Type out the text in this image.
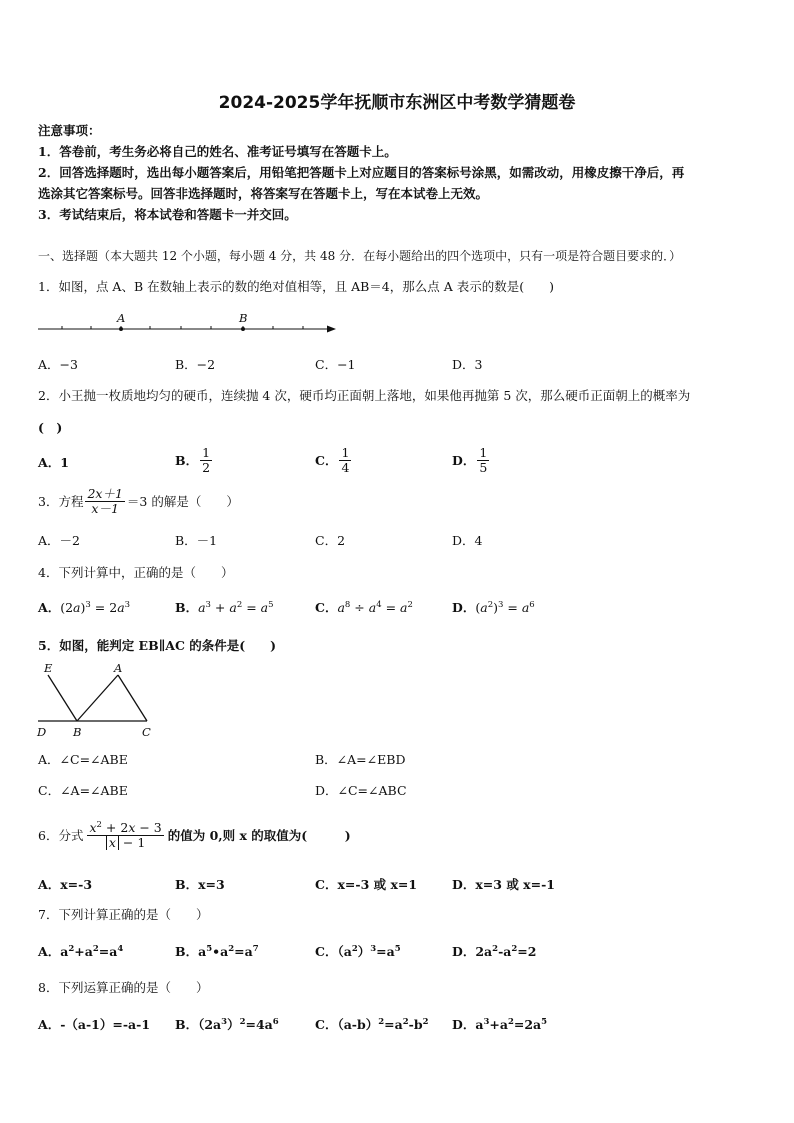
2024-2025学年抚顺市东洲区中考数学猜题卷
注意事项：
1．答卷前，考生务必将自己的姓名、准考证号填写在答题卡上。
2．回答选择题时，选出每小题答案后，用铅笔把答题卡上对应题目的答案标号涂黑，如需改动，用橡皮擦干净后，再
选涂其它答案标号。回答非选择题时，将答案写在答题卡上，写在本试卷上无效。
3．考试结束后，将本试卷和答题卡一并交回。
一、选择题（本大题共 12 个小题，每小题 4 分，共 48 分．在每小题给出的四个选项中，只有一项是符合题目要求的．）
1．如图，点 A、B 在数轴上表示的数的绝对值相等，且 AB＝4，那么点 A 表示的数是(　　)
A	B
A．−3	B．−2	C．−1	D．3
2．小王抛一枚质地均匀的硬币，连续抛 4 次，硬币均正面朝上落地，如果他再抛第 5 次，那么硬币正面朝上的概率为
(　)
A．1	B． $\frac{1}{2}$	C． $\frac{1}{4}$	D． $\frac{1}{5}$
3．方程 $\frac{2x+1}{x-1} =3$ 的解是（　　）
A．－2	B．－1	C．2	D．4
4．下列计算中，正确的是（　　）
A．$(2a)^3 = 2a^3$	B．$a^3 + a^2 = a^5$	C．$a^8 \div a^4 = a^2$	D．$(a^2)^3 = a^6$
5．如图，能判定 EB∥AC 的条件是(　　)
E	A
D B	C
A．∠C=∠ABE	B．∠A=∠EBD
C．∠A=∠ABE	D．∠C=∠ABC
6．分式 $\frac{x^2 + 2x - 3}{x - 1}$ 的值为 0,则 x 的取值为(　　　)
A．x=-3	B．x=3	C．x=-3 或 x=1	D．x=3 或 x=-1
7．下列计算正确的是（　　）
A．$a^2+a^2=a^4$	B．$a^5•a^2=a^7$	C．$(a^2)^3=a^5$	D．$2a^2-a^2=2$
8．下列运算正确的是（　　）
A．-（a-1）=-a-1 B．$(2a^3)^2=4a^6$	C．$(a-b)^2=a^2-b^2$ D．$a^3+a^2=2a^5$
